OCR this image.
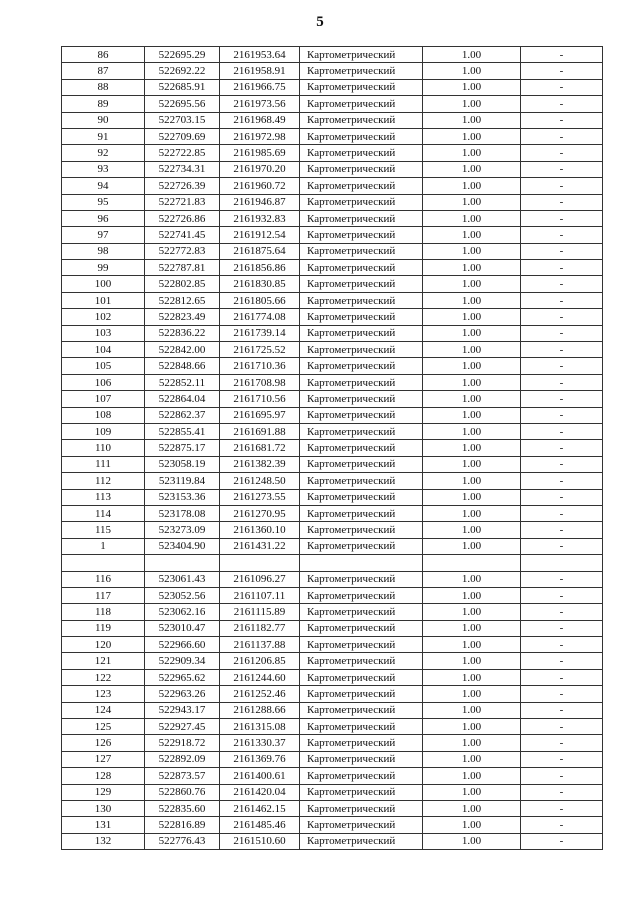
5
86	522695.29	2161953.64	Картометрический	1.00	-
87	522692.22	2161958.91	Картометрический	1.00	-
88	522685.91	2161966.75	Картометрический	1.00	-
89	522695.56	2161973.56	Картометрический	1.00	-
90	522703.15	2161968.49	Картометрический	1.00	-
91	522709.69	2161972.98	Картометрический	1.00	-
92	522722.85	2161985.69	Картометрический	1.00	-
93	522734.31	2161970.20	Картометрический	1.00	-
94	522726.39	2161960.72	Картометрический	1.00	-
95	522721.83	2161946.87	Картометрический	1.00	-
96	522726.86	2161932.83	Картометрический	1.00	-
97	522741.45	2161912.54	Картометрический	1.00	-
98	522772.83	2161875.64	Картометрический	1.00	-
99	522787.81	2161856.86	Картометрический	1.00	-
100	522802.85	2161830.85	Картометрический	1.00	-
101	522812.65	2161805.66	Картометрический	1.00	-
102	522823.49	2161774.08	Картометрический	1.00	-
103	522836.22	2161739.14	Картометрический	1.00	-
104	522842.00	2161725.52	Картометрический	1.00	-
105	522848.66	2161710.36	Картометрический	1.00	-
106	522852.11	2161708.98	Картометрический	1.00	-
107	522864.04	2161710.56	Картометрический	1.00	-
108	522862.37	2161695.97	Картометрический	1.00	-
109	522855.41	2161691.88	Картометрический	1.00	-
110	522875.17	2161681.72	Картометрический	1.00	-
111	523058.19	2161382.39	Картометрический	1.00	-
112	523119.84	2161248.50	Картометрический	1.00	-
113	523153.36	2161273.55	Картометрический	1.00	-
114	523178.08	2161270.95	Картометрический	1.00	-
115	523273.09	2161360.10	Картометрический	1.00	-
1	523404.90	2161431.22	Картометрический	1.00	-

116	523061.43	2161096.27	Картометрический	1.00	-
117	523052.56	2161107.11	Картометрический	1.00	-
118	523062.16	2161115.89	Картометрический	1.00	-
119	523010.47	2161182.77	Картометрический	1.00	-
120	522966.60	2161137.88	Картометрический	1.00	-
121	522909.34	2161206.85	Картометрический	1.00	-
122	522965.62	2161244.60	Картометрический	1.00	-
123	522963.26	2161252.46	Картометрический	1.00	-
124	522943.17	2161288.66	Картометрический	1.00	-
125	522927.45	2161315.08	Картометрический	1.00	-
126	522918.72	2161330.37	Картометрический	1.00	-
127	522892.09	2161369.76	Картометрический	1.00	-
128	522873.57	2161400.61	Картометрический	1.00	-
129	522860.76	2161420.04	Картометрический	1.00	-
130	522835.60	2161462.15	Картометрический	1.00	-
131	522816.89	2161485.46	Картометрический	1.00	-
132	522776.43	2161510.60	Картометрический	1.00	-
